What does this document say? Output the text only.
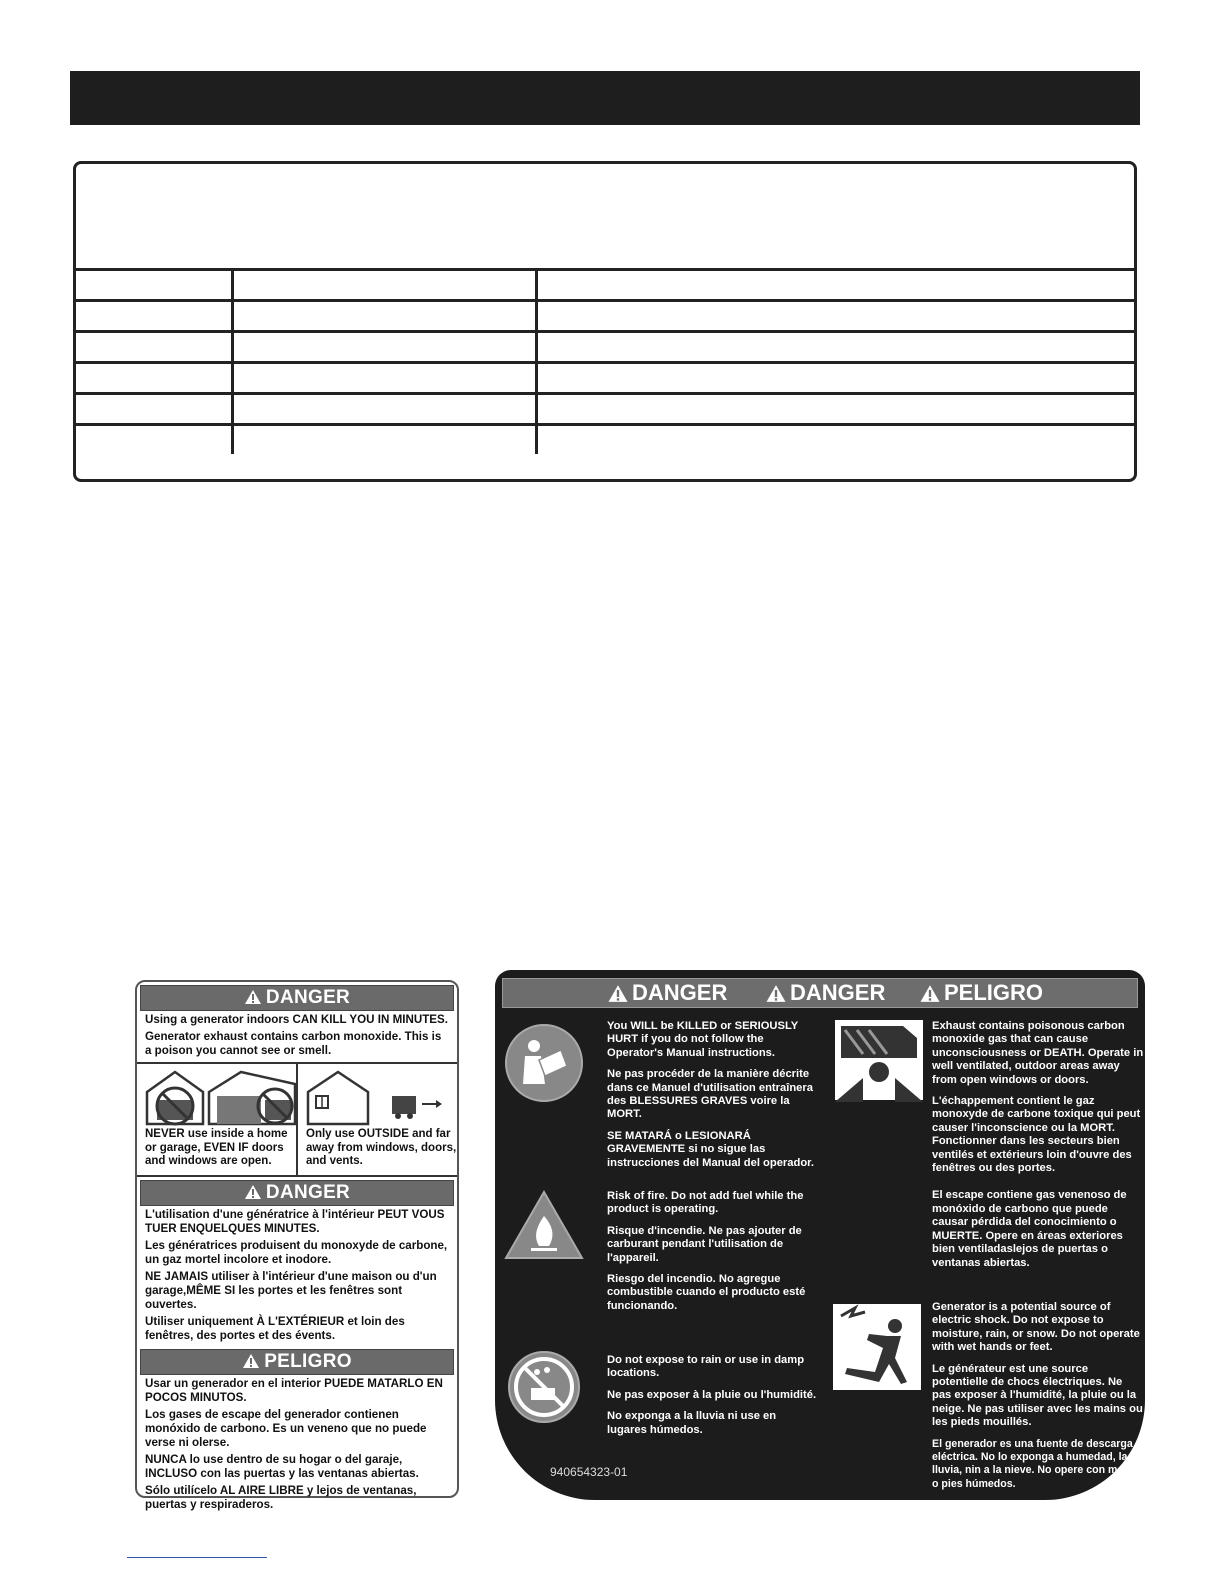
DANGER

Using a generator indoors CAN KILL YOU IN MINUTES.

Generator exhaust contains carbon monoxide. This is a poison you cannot see or smell.

NEVER use inside a home or garage, EVEN IF doors and windows are open.
Only use OUTSIDE and far away from windows, doors, and vents.
DANGER

L'utilisation d'une génératrice à l'intérieur PEUT VOUS TUER ENQUELQUES MINUTES.

Les génératrices produisent du monoxyde de carbone, un gaz mortel incolore et inodore.

NE JAMAIS utiliser à l'intérieur d'une maison ou d'un garage,MÊME SI les portes et les fenêtres sont ouvertes.

Utiliser uniquement À L'EXTÉRIEUR et loin des fenêtres, des portes et des évents.

PELIGRO

Usar un generador en el interior PUEDE MATARLO EN POCOS MINUTOS.

Los gases de escape del generador contienen monóxido de carbono. Es un veneno que no puede verse ni olerse.

NUNCA lo use dentro de su hogar o del garaje, INCLUSO con las puertas y las ventanas abiertas.

Sólo utilícelo AL AIRE LIBRE y lejos de ventanas, puertas y respiraderos.

DANGER	DANGER	PELIGRO

You WILL be KILLED or SERIOUSLY HURT if you do not follow the Operator's Manual instructions.

Ne pas procéder de la manière décrite dans ce Manuel d'utilisation entraînera des BLESSURES GRAVES voire la MORT.

SE MATARÁ o LESIONARÁ GRAVEMENTE si no sigue las instrucciones del Manual del operador.

Risk of fire. Do not add fuel while the product is operating.

Risque d'incendie. Ne pas ajouter de carburant pendant l'utilisation de l'appareil.

Riesgo del incendio. No agregue combustible cuando el producto esté funcionando.

Do not expose to rain or use in damp locations.

Ne pas exposer à la pluie ou l'humidité.

No exponga a la lluvia ni use en lugares húmedos.

Exhaust contains poisonous carbon monoxide gas that can cause unconsciousness or DEATH. Operate in well ventilated, outdoor areas away from open windows or doors.

L'échappement contient le gaz monoxyde de carbone toxique qui peut causer l'inconscience ou la MORT. Fonctionner dans les secteurs bien ventilés et extérieurs loin d'ouvre des fenêtres ou des portes.

El escape contiene gas venenoso de monóxido de carbono que puede causar pérdida del conocimiento o MUERTE. Opere en áreas exteriores bien ventiladaslejos de puertas o ventanas abiertas.

Generator is a potential source of electric shock. Do not expose to moisture, rain, or snow. Do not operate with wet hands or feet.

Le générateur est une source potentielle de chocs électriques. Ne pas exposer à l'humidité, la pluie ou la neige. Ne pas utiliser avec les mains ou les pieds mouillés.

El generador es una fuente de descarga eléctrica. No lo exponga a humedad, la lluvia, nin a la nieve. No opere con manos o pies húmedos.

940654323-01
